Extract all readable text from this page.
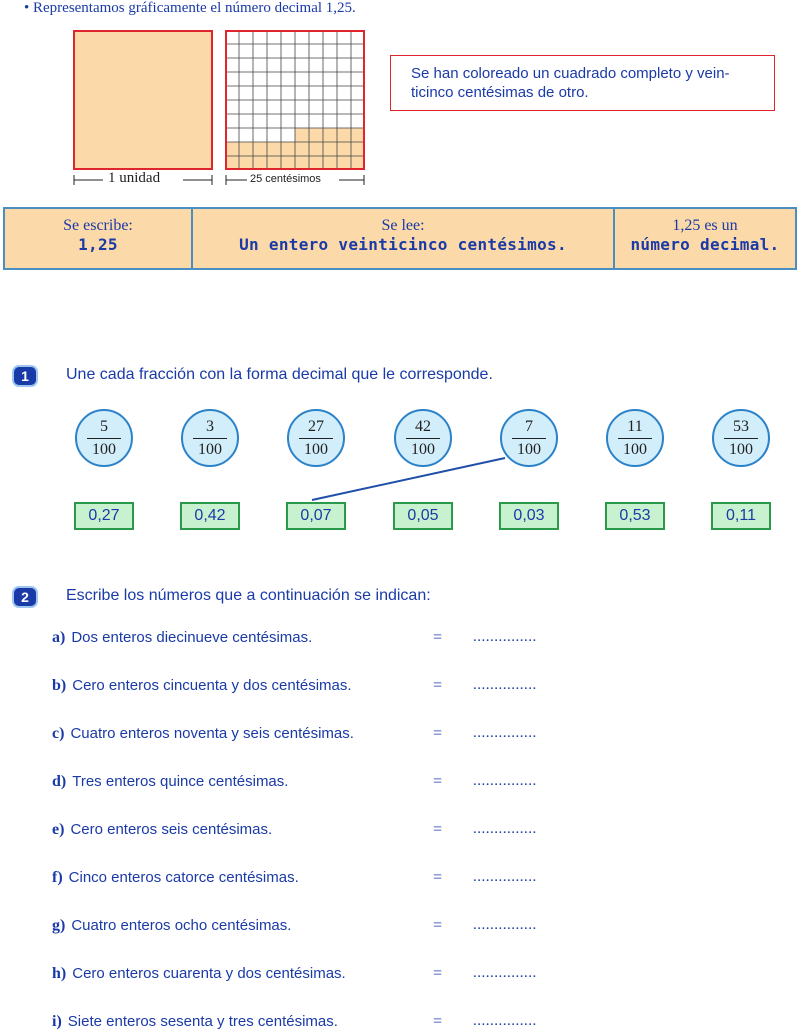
• Representamos gráficamente el número decimal 1,25.
1 unidad	25 centésimos
Se han coloreado un cuadrado completo y vein-
ticinco centésimas de otro.
Se escribe:
1,25
Se lee:
Un entero veinticinco centésimos.
1,25 es un
número decimal.
1	Une cada fracción con la forma decimal que le corresponde.
5
100
3
100
27
100
42
100
7
100
11
100
53
100
0,27	0,42	0,07	0,05	0,03	0,53	0,11
2	Escribe los números que a continuación se indican:
a) Dos enteros diecinueve centésimas.	= ...............
b) Cero enteros cincuenta y dos centésimas.	= ...............
c) Cuatro enteros noventa y seis centésimas.	= ...............
d) Tres enteros quince centésimas.	= ...............
e) Cero enteros seis centésimas.	= ...............
f) Cinco enteros catorce centésimas.	= ...............
g) Cuatro enteros ocho centésimas.	= ...............
h) Cero enteros cuarenta y dos centésimas.	= ...............
i) Siete enteros sesenta y tres centésimas.	= ...............
